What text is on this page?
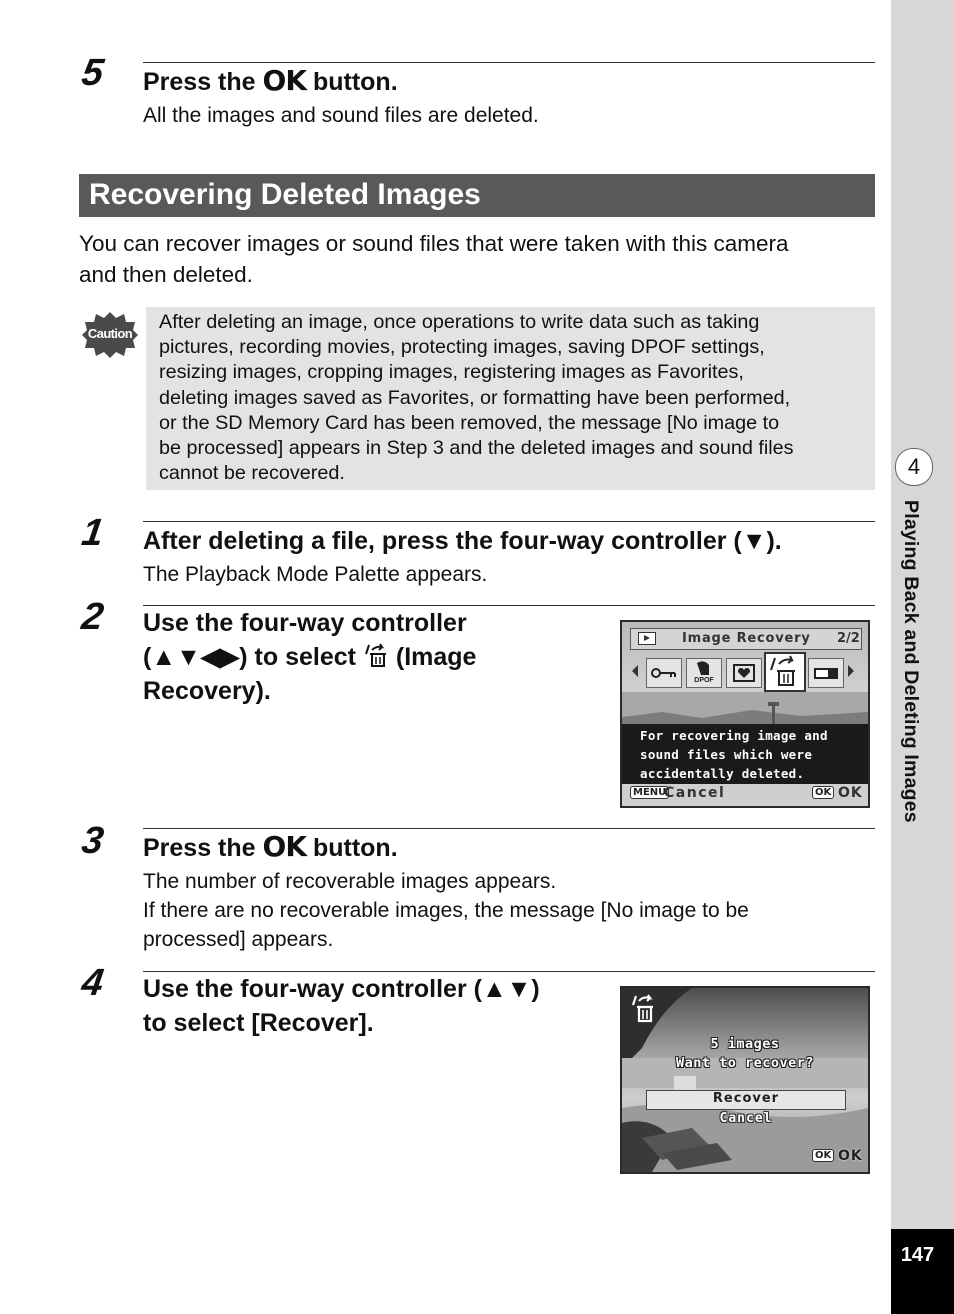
4
Playing Back and Deleting Images
147
5 Press the OK button.
All the images and sound files are deleted.
Recovering Deleted Images
You can recover images or sound files that were taken with this camera
and then deleted.
Caution
After deleting an image, once operations to write data such as taking
pictures, recording movies, protecting images, saving DPOF settings,
resizing images, cropping images, registering images as Favorites,
deleting images saved as Favorites, or formatting have been performed,
or the SD Memory Card has been removed, the message [No image to
be processed] appears in Step 3 and the deleted images and sound files
cannot be recovered.
1 After deleting a file, press the four-way controller (▼).
The Playback Mode Palette appears.
2 Use the four-way controller
(▲▼◀▶) to select  (Image
Recovery).
Image Recovery 2/2
DPOF
For recovering image and
sound files which were
accidentally deleted.
MENU
Cancel	OK OK
3 Press the OK button.
The number of recoverable images appears.
If there are no recoverable images, the message [No image to be
processed] appears.
4 Use the four-way controller (▲▼)
to select [Recover].
5 images
Want to recover?
Recover
Cancel
OK OK
